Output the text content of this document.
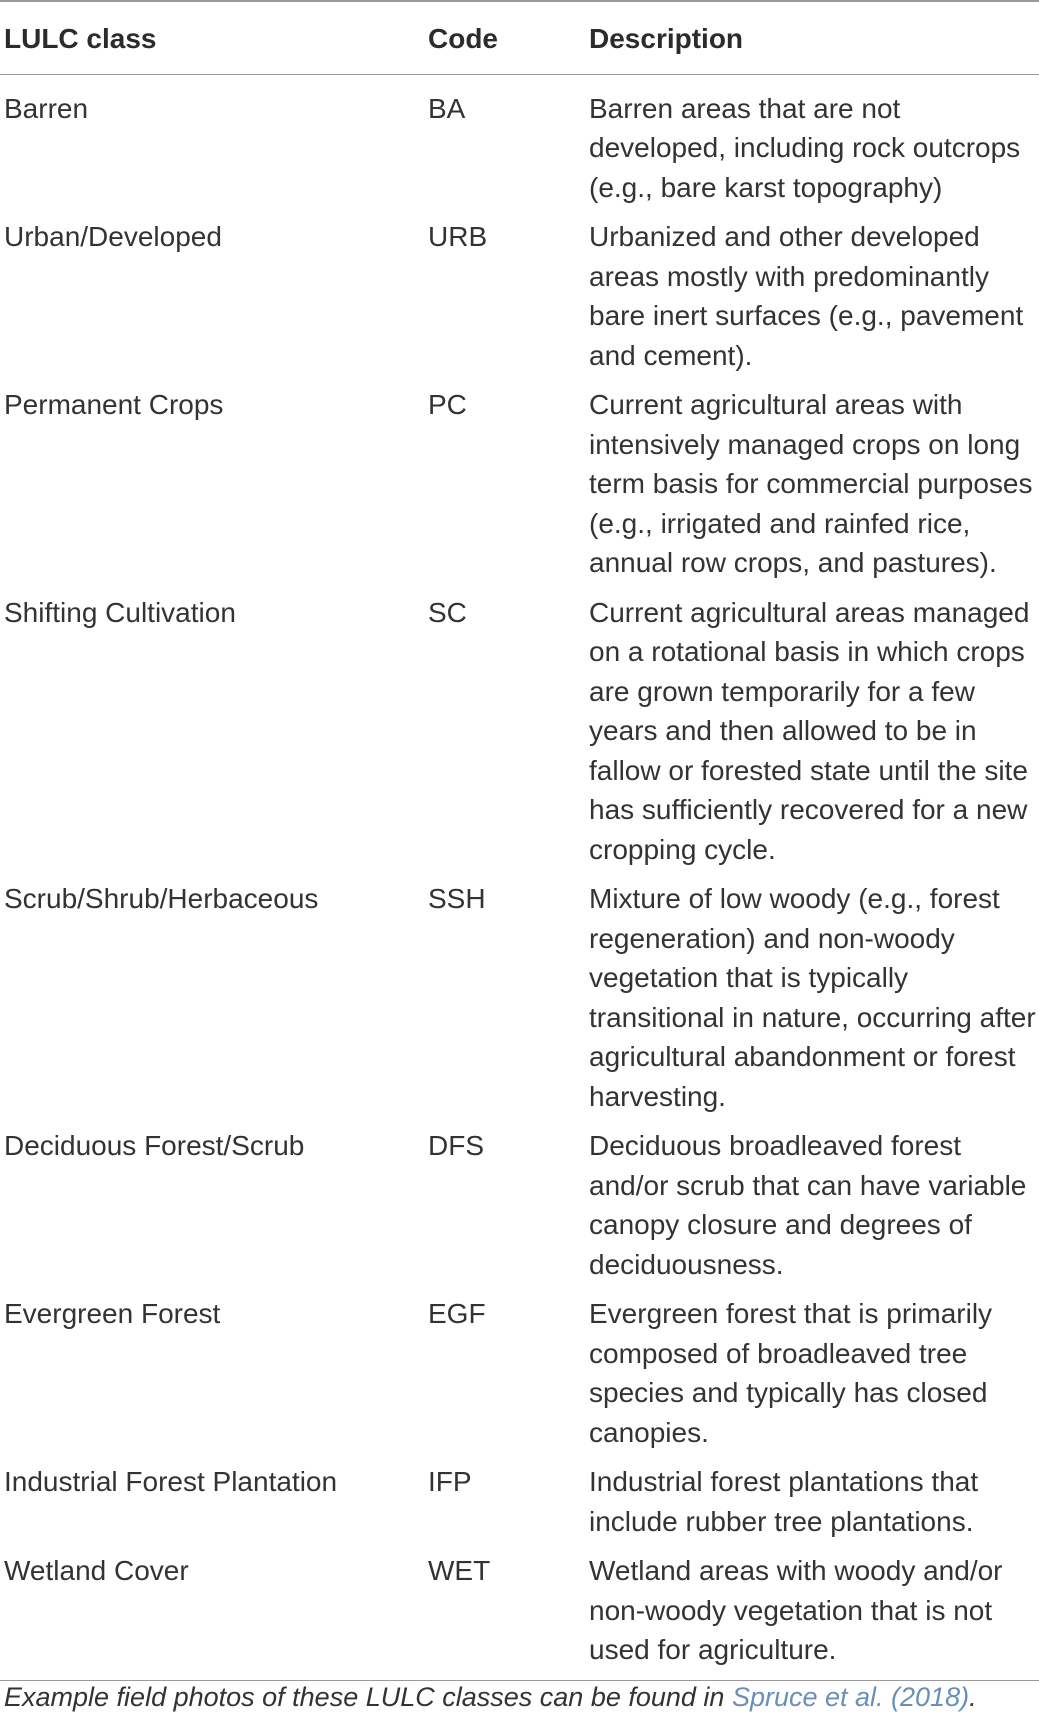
LULC class	Code	Description
Barren	BA	Barren areas that are not developed, including rock outcrops (e.g., bare karst topography)
Urban/Developed	URB	Urbanized and other developed areas mostly with predominantly bare inert surfaces (e.g., pavement and cement).
Permanent Crops	PC	Current agricultural areas with intensively managed crops on long term basis for commercial purposes (e.g., irrigated and rainfed rice, annual row crops, and pastures).
Shifting Cultivation	SC	Current agricultural areas managed on a rotational basis in which crops are grown temporarily for a few years and then allowed to be in fallow or forested state until the site has sufficiently recovered for a new cropping cycle.
Scrub/Shrub/Herbaceous	SSH	Mixture of low woody (e.g., forest regeneration) and non-woody vegetation that is typically transitional in nature, occurring after agricultural abandonment or forest harvesting.
Deciduous Forest/Scrub	DFS	Deciduous broadleaved forest and/or scrub that can have variable canopy closure and degrees of deciduousness.
Evergreen Forest	EGF	Evergreen forest that is primarily composed of broadleaved tree species and typically has closed canopies.
Industrial Forest Plantation	IFP	Industrial forest plantations that include rubber tree plantations.
Wetland Cover	WET	Wetland areas with woody and/or non-woody vegetation that is not used for agriculture.
Example field photos of these LULC classes can be found in Spruce et al. (2018).
